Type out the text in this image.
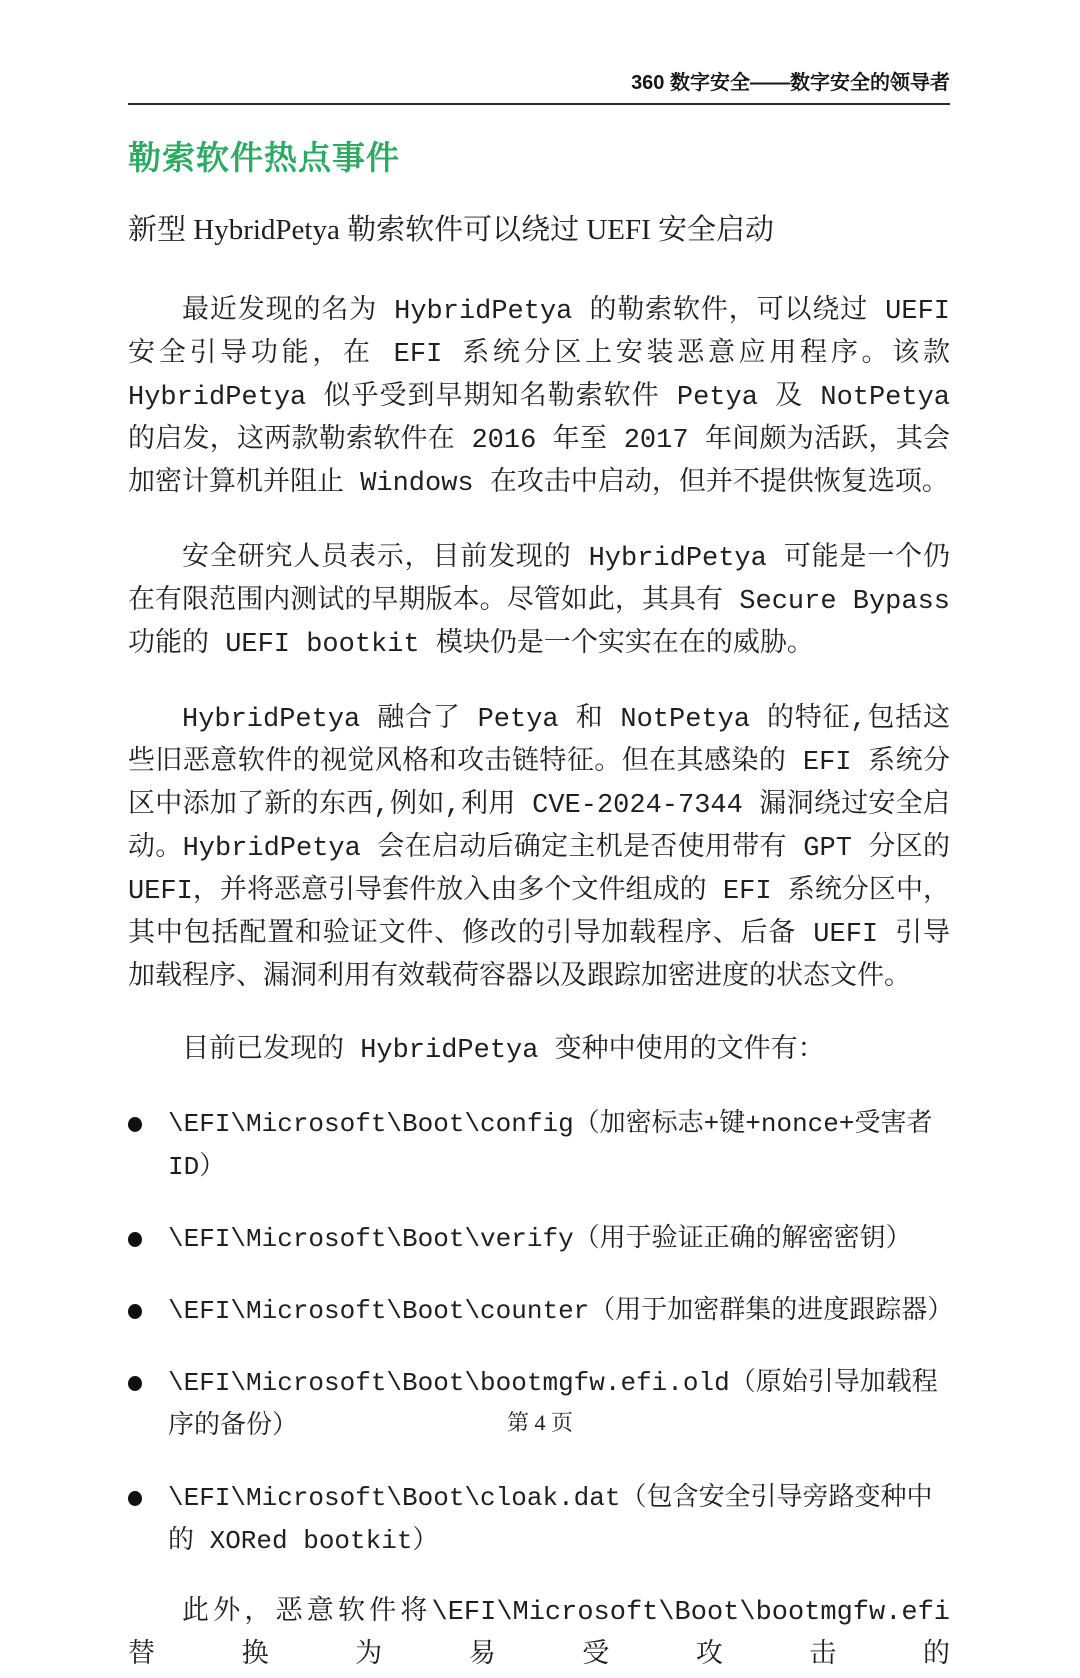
360 数字安全——数字安全的领导者
勒索软件热点事件
新型 HybridPetya 勒索软件可以绕过 UEFI 安全启动

最近发现的名为 HybridPetya 的勒索软件，可以绕过 UEFI 安全引导功能，在 EFI 系统分区上安装恶意应用程序。该款 HybridPetya 似乎受到早期知名勒索软件 Petya 及 NotPetya 的启发，这两款勒索软件在 2016 年至 2017 年间颇为活跃，其会加密计算机并阻止 Windows 在攻击中启动，但并不提供恢复选项。

安全研究人员表示，目前发现的 HybridPetya 可能是一个仍在有限范围内测试的早期版本。尽管如此，其具有 Secure Bypass 功能的 UEFI bootkit 模块仍是一个实实在在的威胁。

HybridPetya 融合了 Petya 和 NotPetya 的特征,包括这些旧恶意软件的视觉风格和攻击链特征。但在其感染的 EFI 系统分区中添加了新的东西,例如,利用 CVE-2024-7344 漏洞绕过安全启动。HybridPetya 会在启动后确定主机是否使用带有 GPT 分区的 UEFI，并将恶意引导套件放入由多个文件组成的 EFI 系统分区中，其中包括配置和验证文件、修改的引导加载程序、后备 UEFI 引导加载程序、漏洞利用有效载荷容器以及跟踪加密进度的状态文件。

目前已发现的 HybridPetya 变种中使用的文件有：

\EFI\Microsoft\Boot\config（加密标志+键+nonce+受害者 ID）
\EFI\Microsoft\Boot\verify（用于验证正确的解密密钥）
\EFI\Microsoft\Boot\counter（用于加密群集的进度跟踪器）
\EFI\Microsoft\Boot\bootmgfw.efi.old（原始引导加载程序的备份）
\EFI\Microsoft\Boot\cloak.dat（包含安全引导旁路变种中的 XORed bootkit）

此外，恶意软件将\EFI\Microsoft\Boot\bootmgfw.efi 替换为易受攻击的

第 4 页
